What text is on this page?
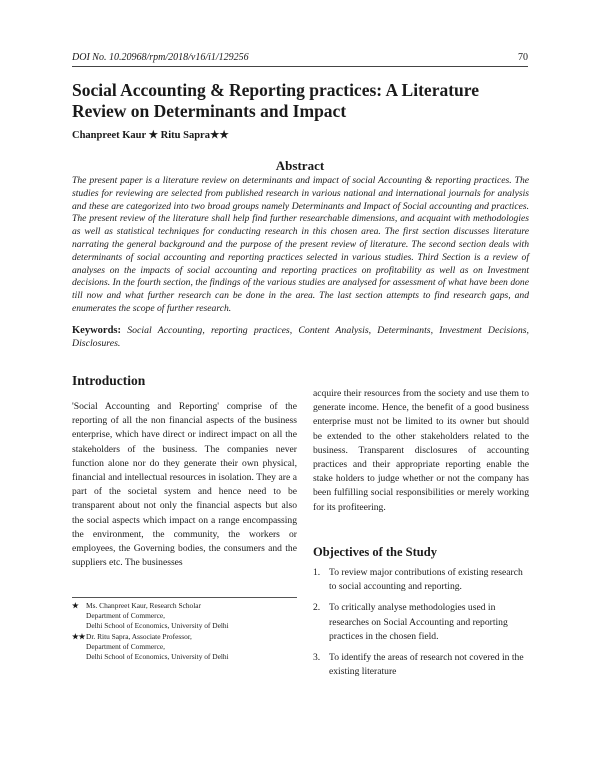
DOI No. 10.20968/rpm/2018/v16/i1/129256	70
Social Accounting & Reporting practices: A Literature Review on Determinants and Impact
Chanpreet Kaur ★ Ritu Sapra★★
Abstract

The present paper is a literature review on determinants and impact of social Accounting & reporting practices. The studies for reviewing are selected from published research in various national and international journals for analysis and these are categorized into two broad groups namely Determinants and Impact of Social accounting and practices. The present review of the literature shall help find further researchable dimensions, and acquaint with methodologies as well as statistical techniques for conducting research in this chosen area. The first section discusses literature narrating the general background and the purpose of the present review of literature. The second section deals with determinants of social accounting and reporting practices selected in various studies. Third Section is a review of analyses on the impacts of social accounting and reporting practices on profitability as well as on Investment decisions. In the fourth section, the findings of the various studies are analysed for assessment of what have been done till now and what further research can be done in the area. The last section attempts to find research gaps, and enumerates the scope of further research.

Keywords: Social Accounting, reporting practices, Content Analysis, Determinants, Investment Decisions, Disclosures.

Introduction

'Social Accounting and Reporting' comprise of the reporting of all the non financial aspects of the business enterprise, which have direct or indirect impact on all the stakeholders of the business. The companies never function alone nor do they generate their own physical, financial and intellectual resources in isolation. They are a part of the societal system and hence need to be transparent about not only the financial aspects but also the social aspects which impact on a range encompassing the environment, the community, the workers or employees, the Governing bodies, the consumers and the suppliers etc. The businesses

acquire their resources from the society and use them to generate income. Hence, the benefit of a good business enterprise must not be limited to its owner but should be extended to the other stakeholders related to the business. Transparent disclosures of accounting practices and their appropriate reporting enable the stake holders to judge whether or not the company has been fulfilling social responsibilities or merely working for its profiteering.

Objectives of the Study
1. To review major contributions of existing research to social accounting and reporting.
2. To critically analyse methodologies used in researches on Social Accounting and reporting practices in the chosen field.
3. To identify the areas of research not covered in the existing literature
★ Ms. Chanpreet Kaur, Research Scholar
Department of Commerce,
Delhi School of Economics, University of Delhi
★★ Dr. Ritu Sapra, Associate Professor,
Department of Commerce,
Delhi School of Economics, University of Delhi
